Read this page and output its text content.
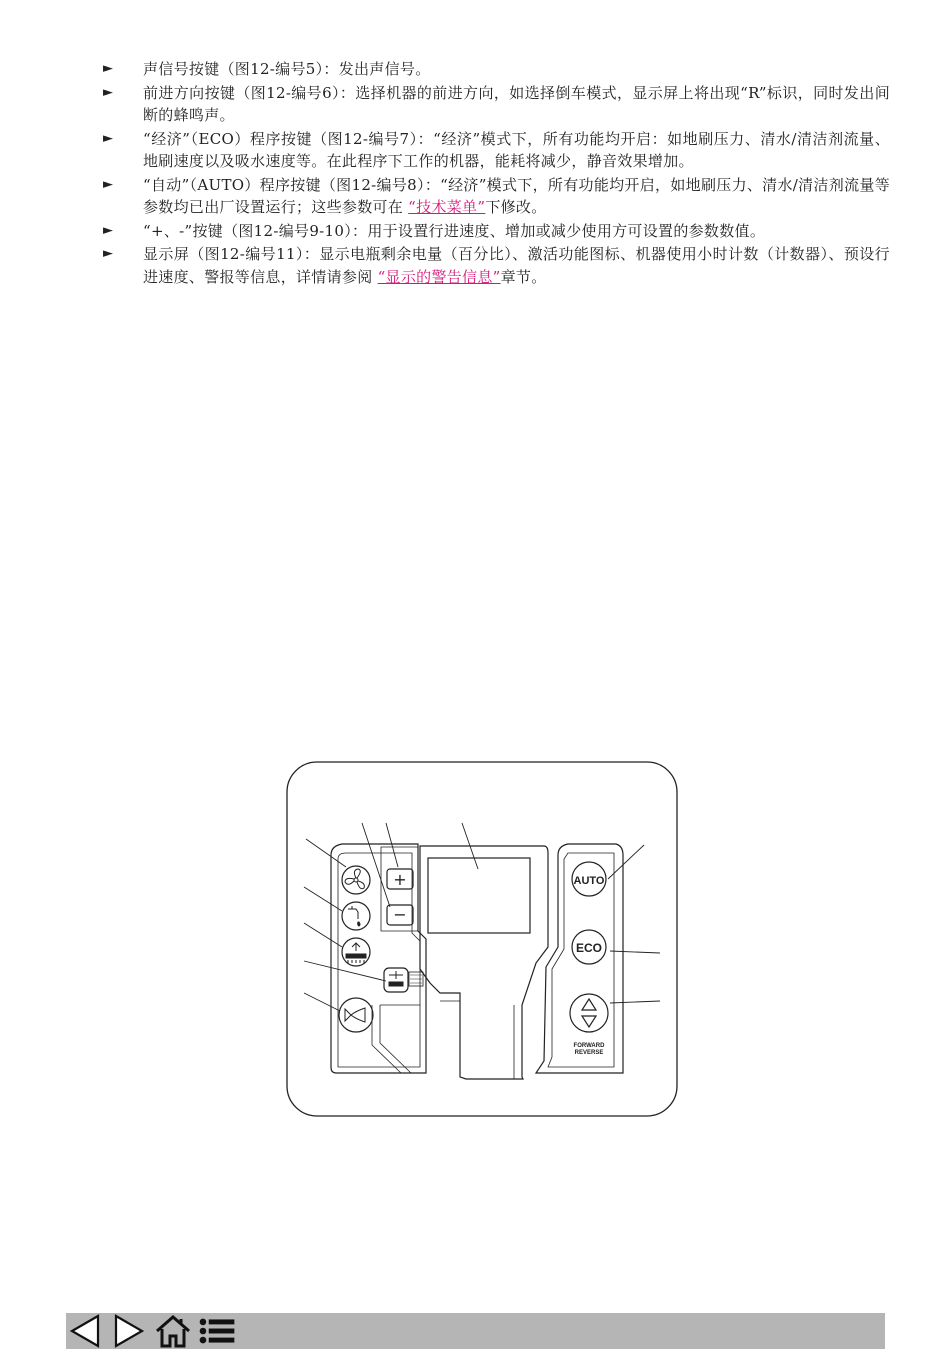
►	声信号按键（图12-编号5）：发出声信号。
►	前进方向按键（图12-编号6）：选择机器的前进方向，如选择倒车模式，显示屏上将出现“R”标识，同时发出间断的蜂鸣声。
►	“经济”（ECO）程序按键（图12-编号7）：“经济”模式下，所有功能均开启：如地刷压力、清水/清洁剂流量、地刷速度以及吸水速度等。在此程序下工作的机器，能耗将减少，静音效果增加。
►	“自动”（AUTO）程序按键（图12-编号8）：“经济”模式下，所有功能均开启，如地刷压力、清水/清洁剂流量等参数均已出厂设置运行；这些参数可在 “技术菜单”下修改。
►	“+、-”按键（图12-编号9-10）：用于设置行进速度、增加或减少使用方可设置的参数数值。
►	显示屏（图12-编号11）：显示电瓶剩余电量（百分比）、激活功能图标、机器使用小时计数（计数器）、预设行进速度、警报等信息，详情请参阅 “显示的警告信息”章节。
+
−
AUTO
ECO
FORWARD
REVERSE
